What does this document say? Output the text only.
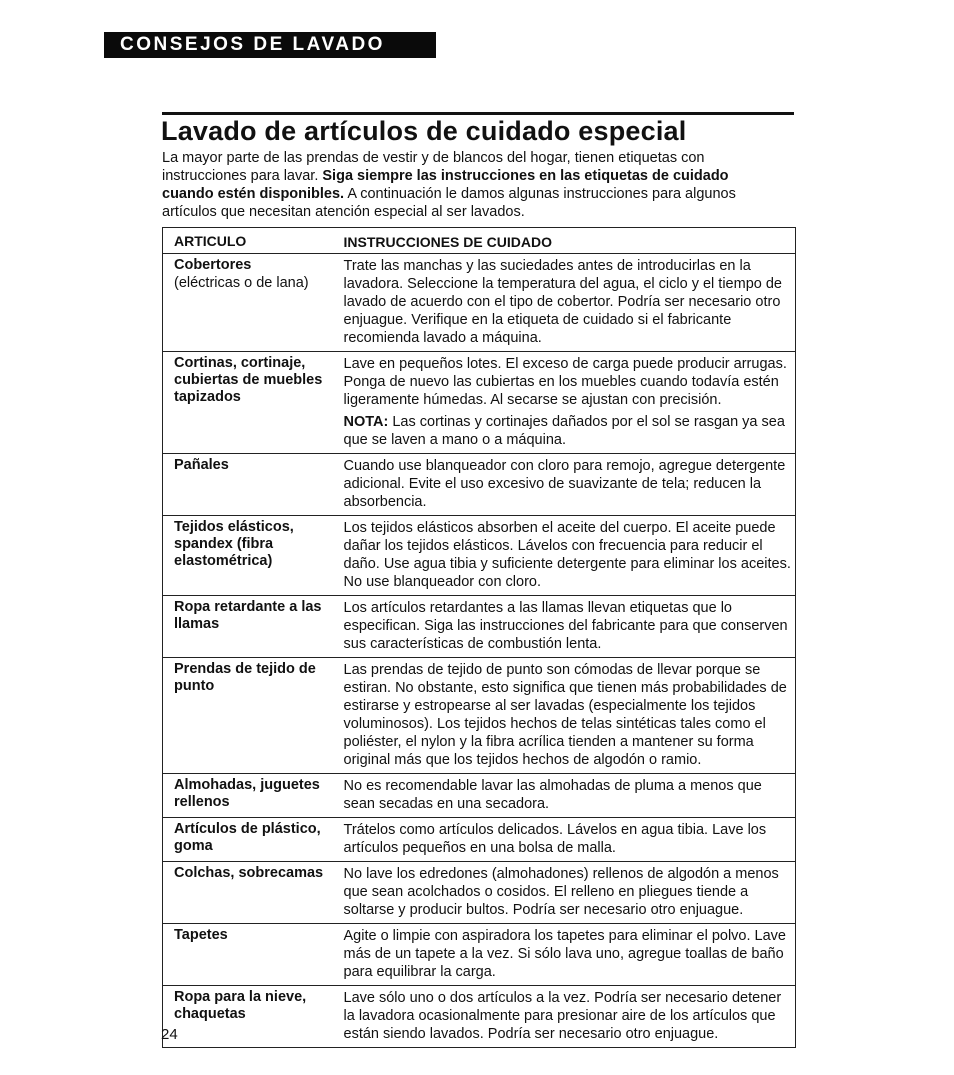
CONSEJOS DE LAVADO
Lavado de artículos de cuidado especial

La mayor parte de las prendas de vestir y de blancos del hogar, tienen etiquetas con instrucciones para lavar. Siga siempre las instrucciones en las etiquetas de cuidado cuando estén disponibles. A continuación le damos algunas instrucciones para algunos artículos que necesitan atención especial al ser lavados.

ARTICULO	INSTRUCCIONES DE CUIDADO

Cobertores
(eléctricas o de lana)	Trate las manchas y las suciedades antes de introducirlas en la lavadora. Seleccione la temperatura del agua, el ciclo y el tiempo de lavado de acuerdo con el tipo de cobertor. Podría ser necesario otro enjuague. Verifique en la etiqueta de cuidado si el fabricante recomienda lavado a máquina.

Cortinas, cortinaje, cubiertas de muebles tapizados	Lave en pequeños lotes. El exceso de carga puede producir arrugas. Ponga de nuevo las cubiertas en los muebles cuando todavía estén ligeramente húmedas. Al secarse se ajustan con precisión.
NOTA: Las cortinas y cortinajes dañados por el sol se rasgan ya sea que se laven a mano o a máquina.

Pañales	Cuando use blanqueador con cloro para remojo, agregue detergente adicional. Evite el uso excesivo de suavizante de tela; reducen la absorbencia.

Tejidos elásticos, spandex (fibra elastométrica)	Los tejidos elásticos absorben el aceite del cuerpo. El aceite puede dañar los tejidos elásticos. Lávelos con frecuencia para reducir el daño. Use agua tibia y suficiente detergente para eliminar los aceites. No use blanqueador con cloro.

Ropa retardante a las llamas	Los artículos retardantes a las llamas llevan etiquetas que lo especifican. Siga las instrucciones del fabricante para que conserven sus características de combustión lenta.

Prendas de tejido de punto	Las prendas de tejido de punto son cómodas de llevar porque se estiran. No obstante, esto significa que tienen más probabilidades de estirarse y estropearse al ser lavadas (especialmente los tejidos voluminosos). Los tejidos hechos de telas sintéticas tales como el poliéster, el nylon y la fibra acrílica tienden a mantener su forma original más que los tejidos hechos de algodón o ramio.

Almohadas, juguetes rellenos	No es recomendable lavar las almohadas de pluma a menos que sean secadas en una secadora.

Artículos de plástico, goma	Trátelos como artículos delicados. Lávelos en agua tibia. Lave los artículos pequeños en una bolsa de malla.

Colchas, sobrecamas	No lave los edredones (almohadones) rellenos de algodón a menos que sean acolchados o cosidos. El relleno en pliegues tiende a soltarse y producir bultos. Podría ser necesario otro enjuague.

Tapetes	Agite o limpie con aspiradora los tapetes para eliminar el polvo. Lave más de un tapete a la vez. Si sólo lava uno, agregue toallas de baño para equilibrar la carga.

Ropa para la nieve, chaquetas	Lave sólo uno o dos artículos a la vez. Podría ser necesario detener la lavadora ocasionalmente para presionar aire de los artículos que están siendo lavados. Podría ser necesario otro enjuague.
24
